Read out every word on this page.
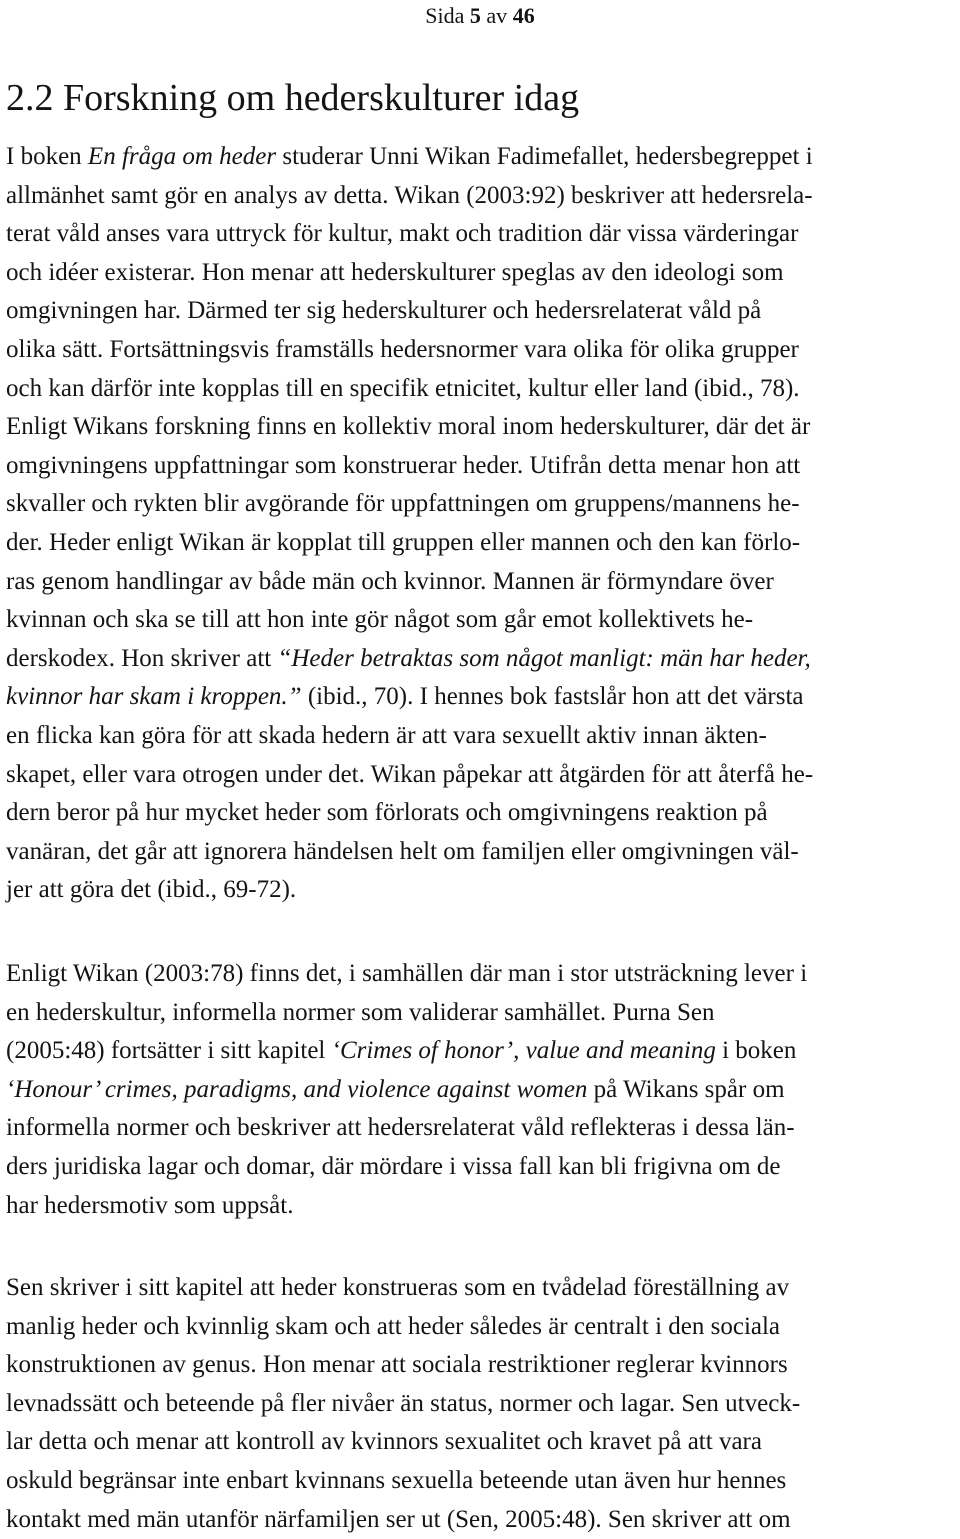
Sida 5 av 46
2.2 Forskning om hederskulturer idag
I boken En fråga om heder studerar Unni Wikan Fadimefallet, hedersbegreppet i
allmänhet samt gör en analys av detta. Wikan (2003:92) beskriver att hedersrela-
terat våld anses vara uttryck för kultur, makt och tradition där vissa värderingar
och idéer existerar. Hon menar att hederskulturer speglas av den ideologi som
omgivningen har. Därmed ter sig hederskulturer och hedersrelaterat våld på
olika sätt. Fortsättningsvis framställs hedersnormer vara olika för olika grupper
och kan därför inte kopplas till en specifik etnicitet, kultur eller land (ibid., 78).
Enligt Wikans forskning finns en kollektiv moral inom hederskulturer, där det är
omgivningens uppfattningar som konstruerar heder. Utifrån detta menar hon att
skvaller och rykten blir avgörande för uppfattningen om gruppens/mannens he-
der. Heder enligt Wikan är kopplat till gruppen eller mannen och den kan förlo-
ras genom handlingar av både män och kvinnor. Mannen är förmyndare över
kvinnan och ska se till att hon inte gör något som går emot kollektivets he-
derskodex. Hon skriver att “Heder betraktas som något manligt: män har heder,
kvinnor har skam i kroppen.” (ibid., 70). I hennes bok fastslår hon att det värsta
en flicka kan göra för att skada hedern är att vara sexuellt aktiv innan äkten-
skapet, eller vara otrogen under det. Wikan påpekar att åtgärden för att återfå he-
dern beror på hur mycket heder som förlorats och omgivningens reaktion på
vanäran, det går att ignorera händelsen helt om familjen eller omgivningen väl-
jer att göra det (ibid., 69-72).
Enligt Wikan (2003:78) finns det, i samhällen där man i stor utsträckning lever i
en hederskultur, informella normer som validerar samhället. Purna Sen
(2005:48) fortsätter i sitt kapitel ‘Crimes of honor’, value and meaning i boken
‘Honour’ crimes, paradigms, and violence against women på Wikans spår om
informella normer och beskriver att hedersrelaterat våld reflekteras i dessa län-
ders juridiska lagar och domar, där mördare i vissa fall kan bli frigivna om de
har hedersmotiv som uppsåt.
Sen skriver i sitt kapitel att heder konstrueras som en tvådelad föreställning av
manlig heder och kvinnlig skam och att heder således är centralt i den sociala
konstruktionen av genus. Hon menar att sociala restriktioner reglerar kvinnors
levnadssätt och beteende på fler nivåer än status, normer och lagar. Sen utveck-
lar detta och menar att kontroll av kvinnors sexualitet och kravet på att vara
oskuld begränsar inte enbart kvinnans sexuella beteende utan även hur hennes
kontakt med män utanför närfamiljen ser ut (Sen, 2005:48). Sen skriver att om
